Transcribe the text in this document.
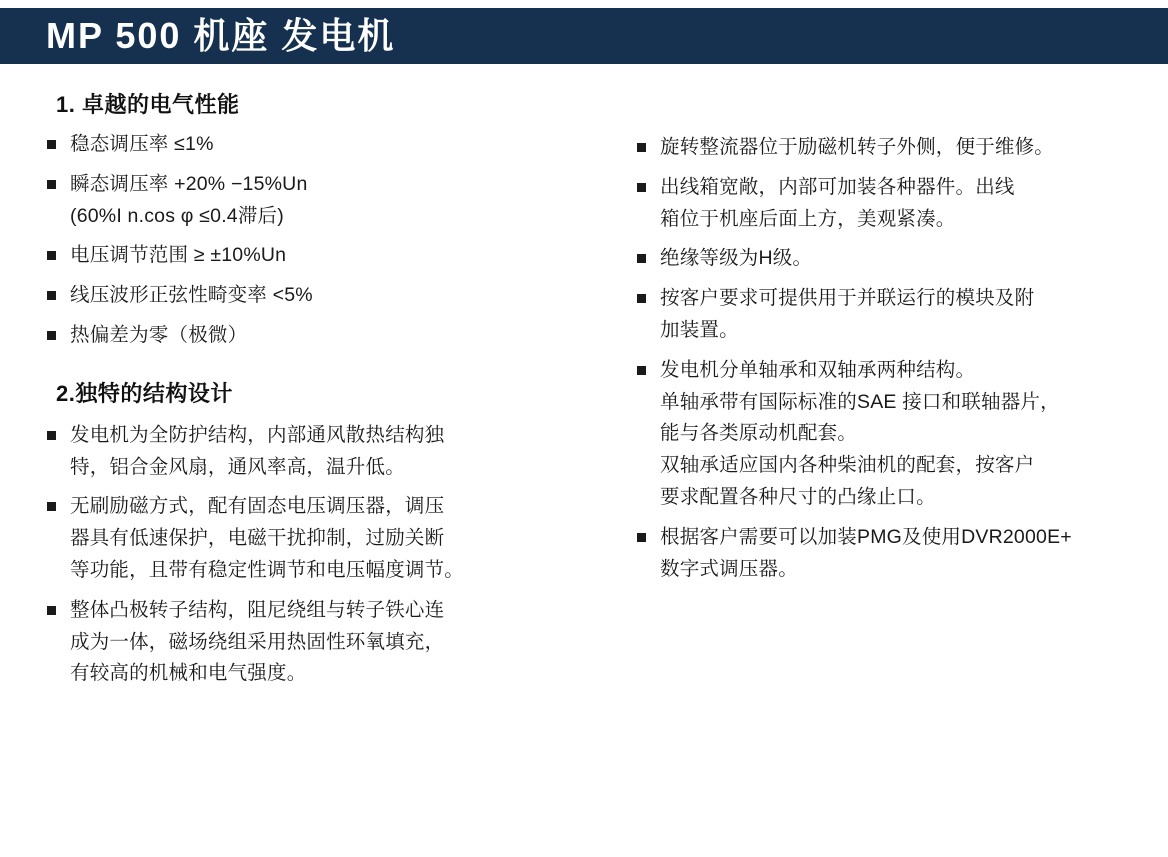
MP 500 机座 发电机
1. 卓越的电气性能
稳态调压率 ≤1%
瞬态调压率 +20% −15%Un
(60%I n.cos φ ≤0.4滞后)
电压调节范围 ≥ ±10%Un
线压波形正弦性畸变率 <5%
热偏差为零（极微）
2.独特的结构设计
发电机为全防护结构，内部通风散热结构独
特，铝合金风扇，通风率高，温升低。
无刷励磁方式，配有固态电压调压器，调压
器具有低速保护，电磁干扰抑制，过励关断
等功能，且带有稳定性调节和电压幅度调节。
整体凸极转子结构，阻尼绕组与转子铁心连
成为一体，磁场绕组采用热固性环氧填充，
有较高的机械和电气强度。
旋转整流器位于励磁机转子外侧，便于维修。
出线箱宽敞，内部可加装各种器件。出线
箱位于机座后面上方，美观紧凑。
绝缘等级为H级。
按客户要求可提供用于并联运行的模块及附
加装置。
发电机分单轴承和双轴承两种结构。
单轴承带有国际标准的SAE 接口和联轴器片，
能与各类原动机配套。
双轴承适应国内各种柴油机的配套，按客户
要求配置各种尺寸的凸缘止口。
根据客户需要可以加装PMG及使用DVR2000E+
数字式调压器。
